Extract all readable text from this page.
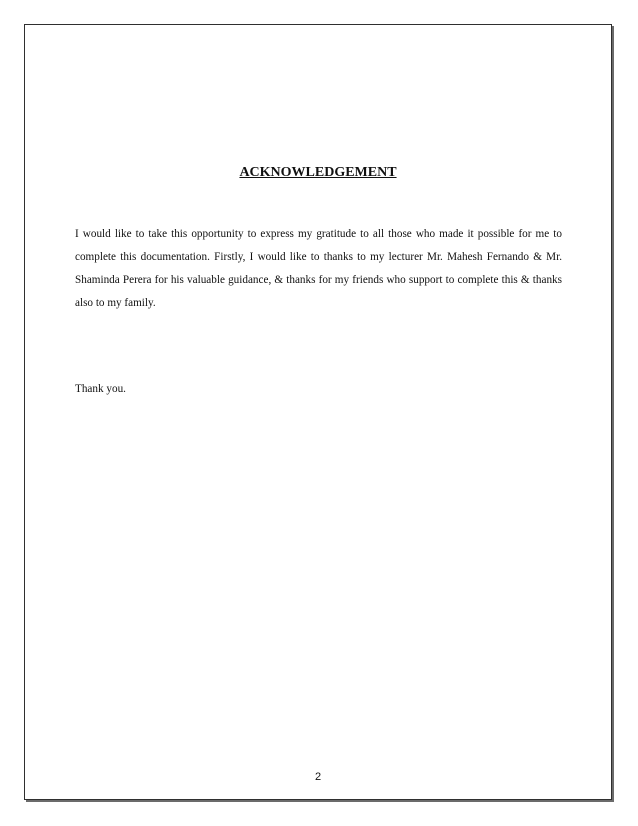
ACKNOWLEDGEMENT

I would like to take this opportunity to express my gratitude to all those who made it possible for me to complete this documentation. Firstly, I would like to thanks to my lecturer Mr. Mahesh Fernando & Mr. Shaminda Perera for his valuable guidance, & thanks for my friends who support to complete this & thanks also to my family.

Thank you.

2
